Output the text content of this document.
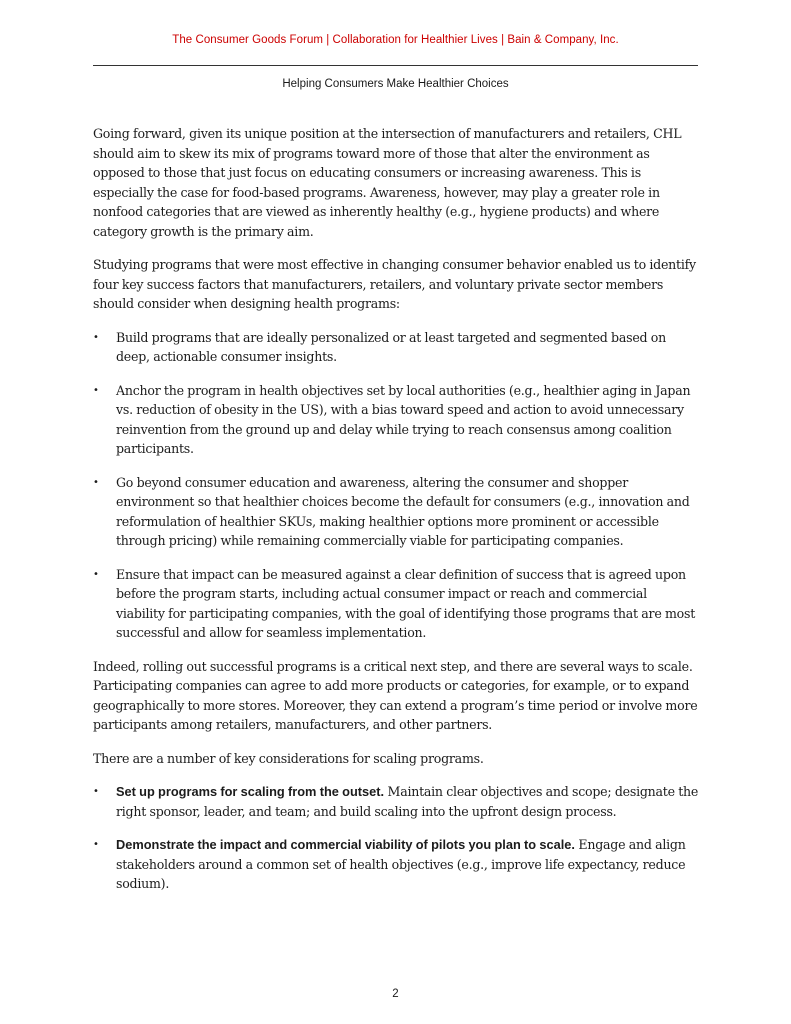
The Consumer Goods Forum | Collaboration for Healthier Lives | Bain & Company, Inc.
Helping Consumers Make Healthier Choices

Going forward, given its unique position at the intersection of manufacturers and retailers, CHL should aim to skew its mix of programs toward more of those that alter the environment as opposed to those that just focus on educating consumers or increasing awareness. This is especially the case for food-based programs. Awareness, however, may play a greater role in nonfood categories that are viewed as inherently healthy (e.g., hygiene products) and where category growth is the primary aim.

Studying programs that were most effective in changing consumer behavior enabled us to identify four key success factors that manufacturers, retailers, and voluntary private sector members should consider when designing health programs:

• Build programs that are ideally personalized or at least targeted and segmented based on deep, actionable consumer insights.

• Anchor the program in health objectives set by local authorities (e.g., healthier aging in Japan vs. reduction of obesity in the US), with a bias toward speed and action to avoid unnecessary reinvention from the ground up and delay while trying to reach consensus among coalition participants.

• Go beyond consumer education and awareness, altering the consumer and shopper environment so that healthier choices become the default for consumers (e.g., innovation and reformulation of healthier SKUs, making healthier options more prominent or accessible through pricing) while remaining commercially viable for participating companies.

• Ensure that impact can be measured against a clear definition of success that is agreed upon before the program starts, including actual consumer impact or reach and commercial viability for participating companies, with the goal of identifying those programs that are most successful and allow for seamless implementation.

Indeed, rolling out successful programs is a critical next step, and there are several ways to scale. Participating companies can agree to add more products or categories, for example, or to expand geographically to more stores. Moreover, they can extend a program’s time period or involve more participants among retailers, manufacturers, and other partners.

There are a number of key considerations for scaling programs.

• Set up programs for scaling from the outset. Maintain clear objectives and scope; designate the right sponsor, leader, and team; and build scaling into the upfront design process.

• Demonstrate the impact and commercial viability of pilots you plan to scale. Engage and align stakeholders around a common set of health objectives (e.g., improve life expectancy, reduce sodium).

2
